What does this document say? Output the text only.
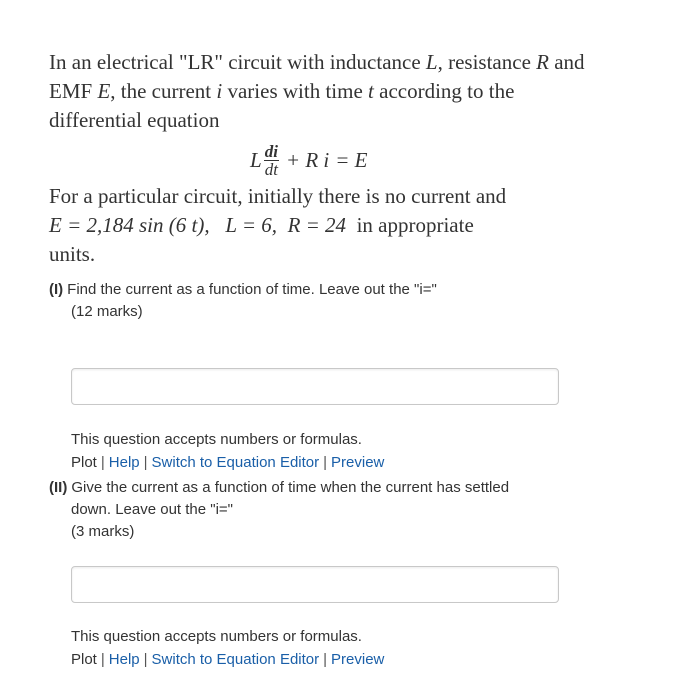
In an electrical "LR" circuit with inductance L, resistance R and EMF E, the current i varies with time t according to the differential equation

L $\frac{di}{dt} + R$ i = E

For a particular circuit, initially there is no current and

E = 2,184 sin (6 t), L = 6, R = 24 in appropriate

units.

(I) Find the current as a function of time. Leave out the "i="
(12 marks)
This question accepts numbers or formulas.
Plot | Help | Switch to Equation Editor | Preview
(II) Give the current as a function of time when the current has settled
down. Leave out the "i="
(3 marks)
This question accepts numbers or formulas.
Plot | Help | Switch to Equation Editor | Preview
